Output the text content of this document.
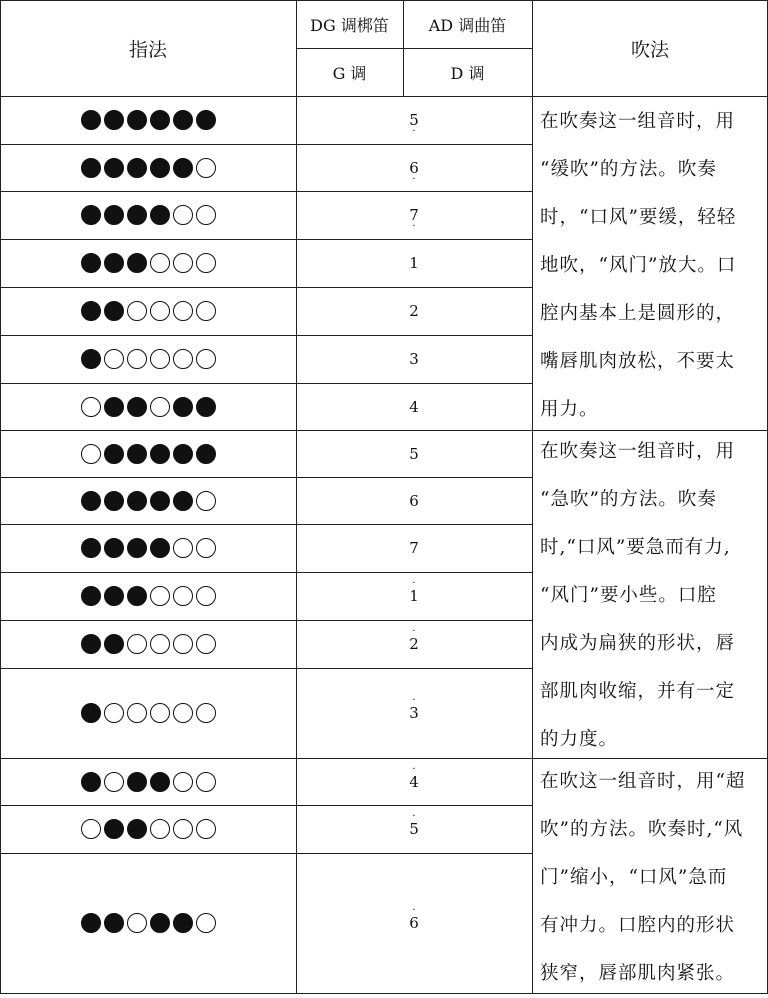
指法
DG 调梆笛	AD 调曲笛
G 调	D 调
吹法
在吹奏这一组音时，用
“缓吹”的方法。吹奏
时，“口风”要缓，轻轻
地吹，“风门”放大。口
腔内基本上是圆形的，
嘴唇肌肉放松，不要太
用力。
在吹奏这一组音时，用
“急吹”的方法。吹奏
时,“口风”要急而有力,
“风门”要小些。口腔
内成为扁狭的形状，唇
部肌肉收缩，并有一定
的力度。
在吹这一组音时，用“超
吹”的方法。吹奏时,“风
门”缩小，“口风”急而
有冲力。口腔内的形状
狭窄，唇部肌肉紧张。
5
·
6
·
7
·
1
2
3
4
5
6
7
·
1
·
2
·
3
·
4
·
5
·
6
